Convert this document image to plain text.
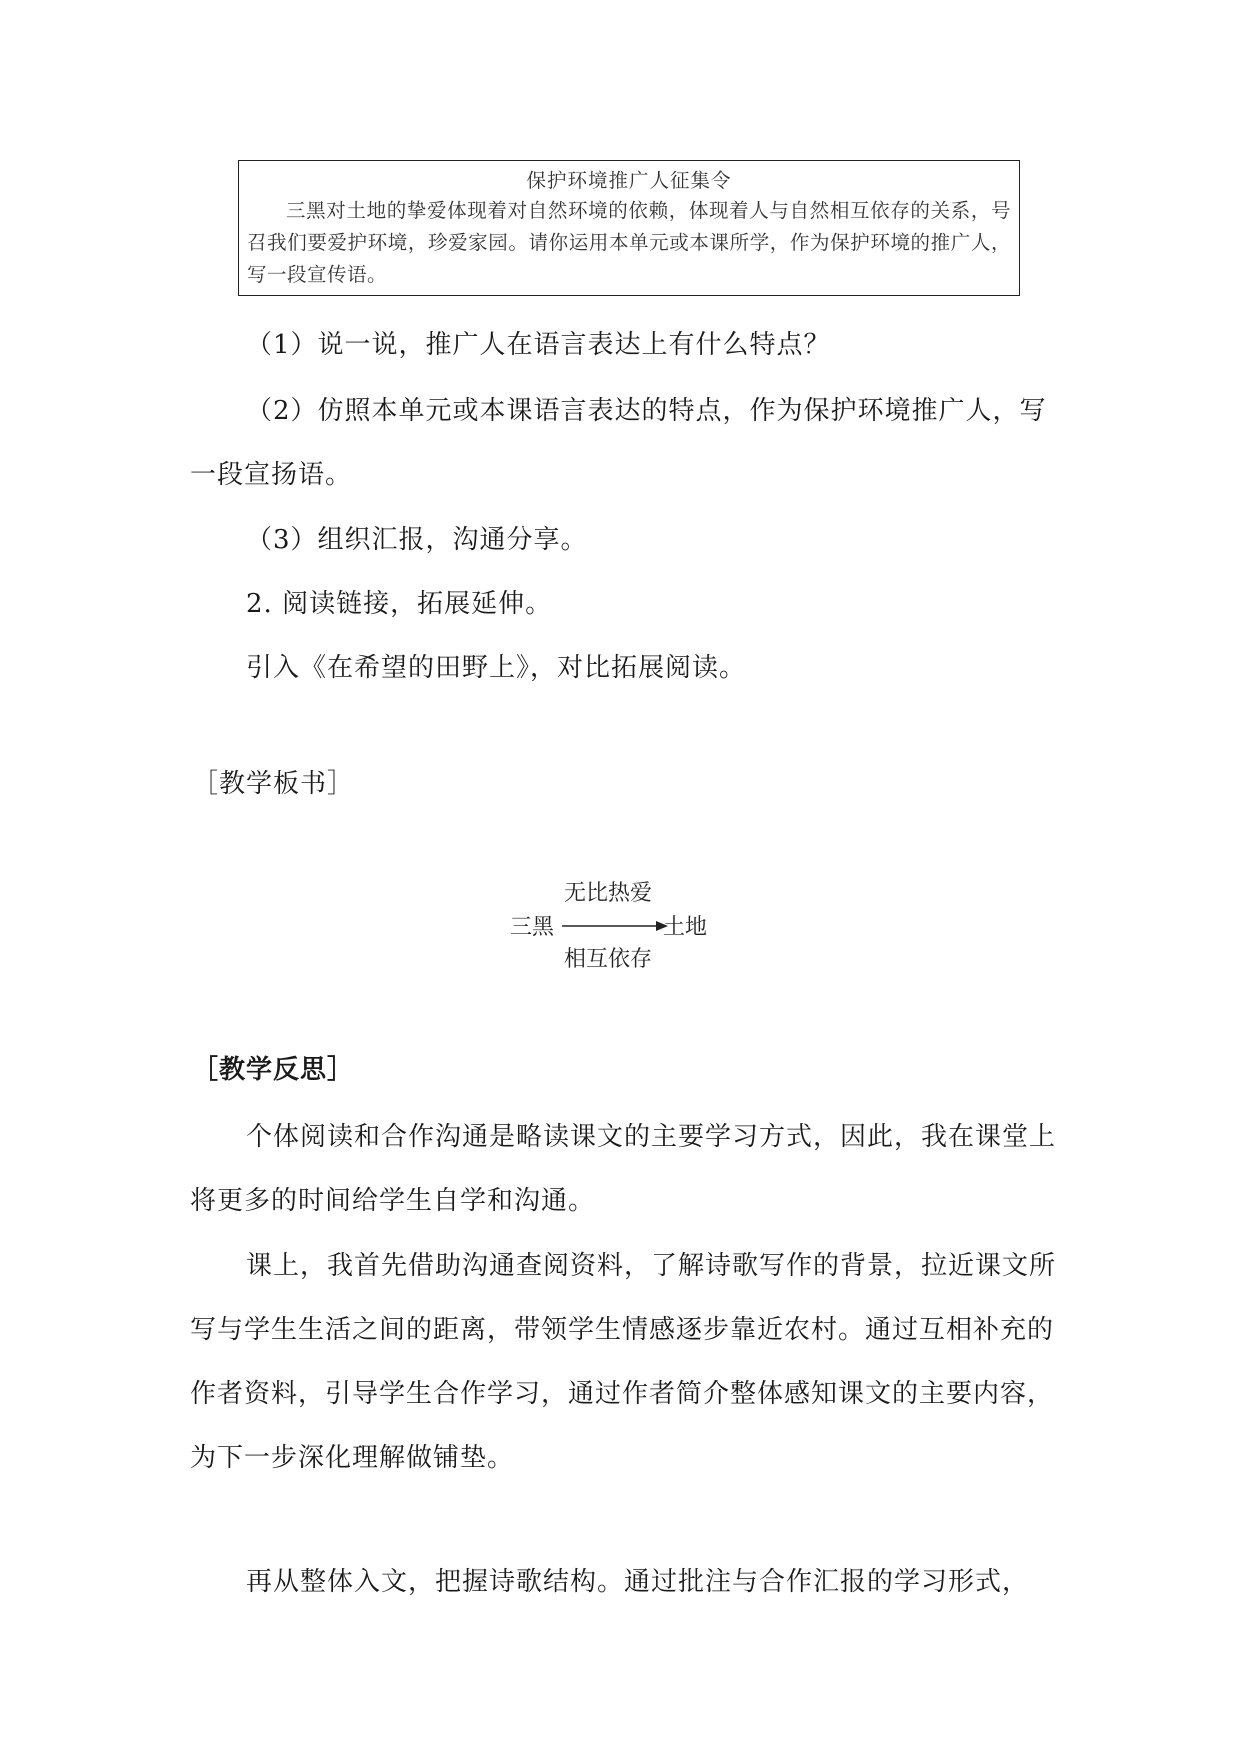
保护环境推广人征集令
三黑对土地的挚爱体现着对自然环境的依赖，体现着人与自然相互依存的关系，号召我们要爱护环境，珍爱家园。请你运用本单元或本课所学，作为保护环境的推广人，写一段宣传语。

（1）说一说，推广人在语言表达上有什么特点？

（2）仿照本单元或本课语言表达的特点，作为保护环境推广人，写一段宣扬语。

（3）组织汇报，沟通分享。

2. 阅读链接，拓展延伸。

引入《在希望的田野上》，对比拓展阅读。

［教学板书］
无比热爱
三黑	土地
相互依存
［教学反思］

个体阅读和合作沟通是略读课文的主要学习方式，因此，我在课堂上将更多的时间给学生自学和沟通。

课上，我首先借助沟通查阅资料，了解诗歌写作的背景，拉近课文所写与学生生活之间的距离，带领学生情感逐步靠近农村。通过互相补充的作者资料，引导学生合作学习，通过作者简介整体感知课文的主要内容，为下一步深化理解做铺垫。

再从整体入文，把握诗歌结构。通过批注与合作汇报的学习形式，
